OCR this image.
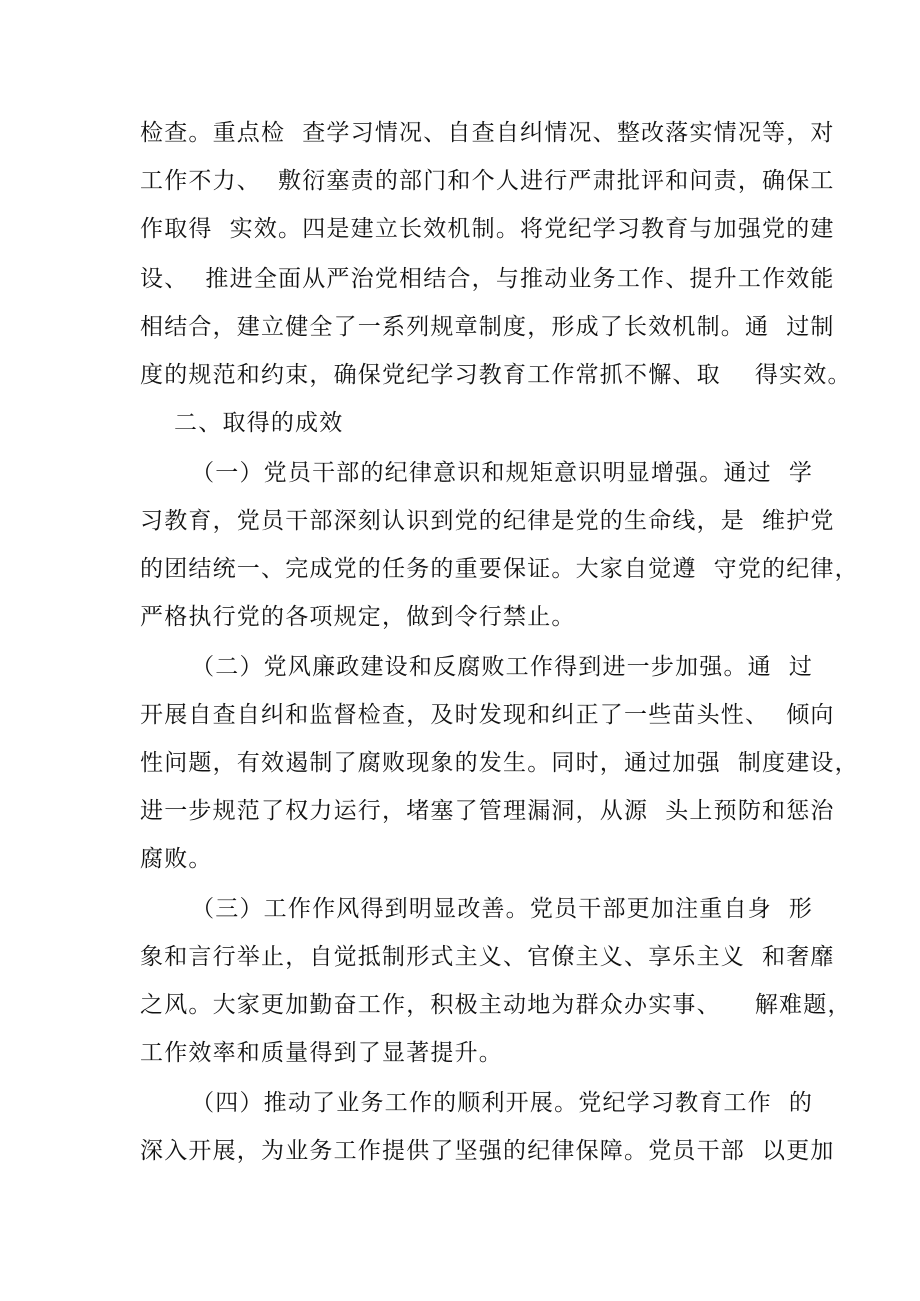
检查。重点检  查学习情况、自查自纠情况、整改落实情况等，对
工作不力、  敷衍塞责的部门和个人进行严肃批评和问责，确保工
作取得  实效。四是建立长效机制。将党纪学习教育与加强党的建
设、  推进全面从严治党相结合，与推动业务工作、提升工作效能
相结合，建立健全了一系列规章制度，形成了长效机制。通  过制
度的规范和约束，确保党纪学习教育工作常抓不懈、取    得实效。
二、取得的成效
（一）党员干部的纪律意识和规矩意识明显增强。通过  学
习教育，党员干部深刻认识到党的纪律是党的生命线，是  维护党
的团结统一、完成党的任务的重要保证。大家自觉遵  守党的纪律，
严格执行党的各项规定，做到令行禁止。
（二）党风廉政建设和反腐败工作得到进一步加强。通  过
开展自查自纠和监督检查，及时发现和纠正了一些苗头性、  倾向
性问题，有效遏制了腐败现象的发生。同时，通过加强  制度建设，
进一步规范了权力运行，堵塞了管理漏洞，从源  头上预防和惩治
腐败。
（三）工作作风得到明显改善。党员干部更加注重自身  形
象和言行举止，自觉抵制形式主义、官僚主义、享乐主义  和奢靡
之风。大家更加勤奋工作，积极主动地为群众办实事、    解难题，
工作效率和质量得到了显著提升。
（四）推动了业务工作的顺利开展。党纪学习教育工作  的
深入开展，为业务工作提供了坚强的纪律保障。党员干部  以更加
